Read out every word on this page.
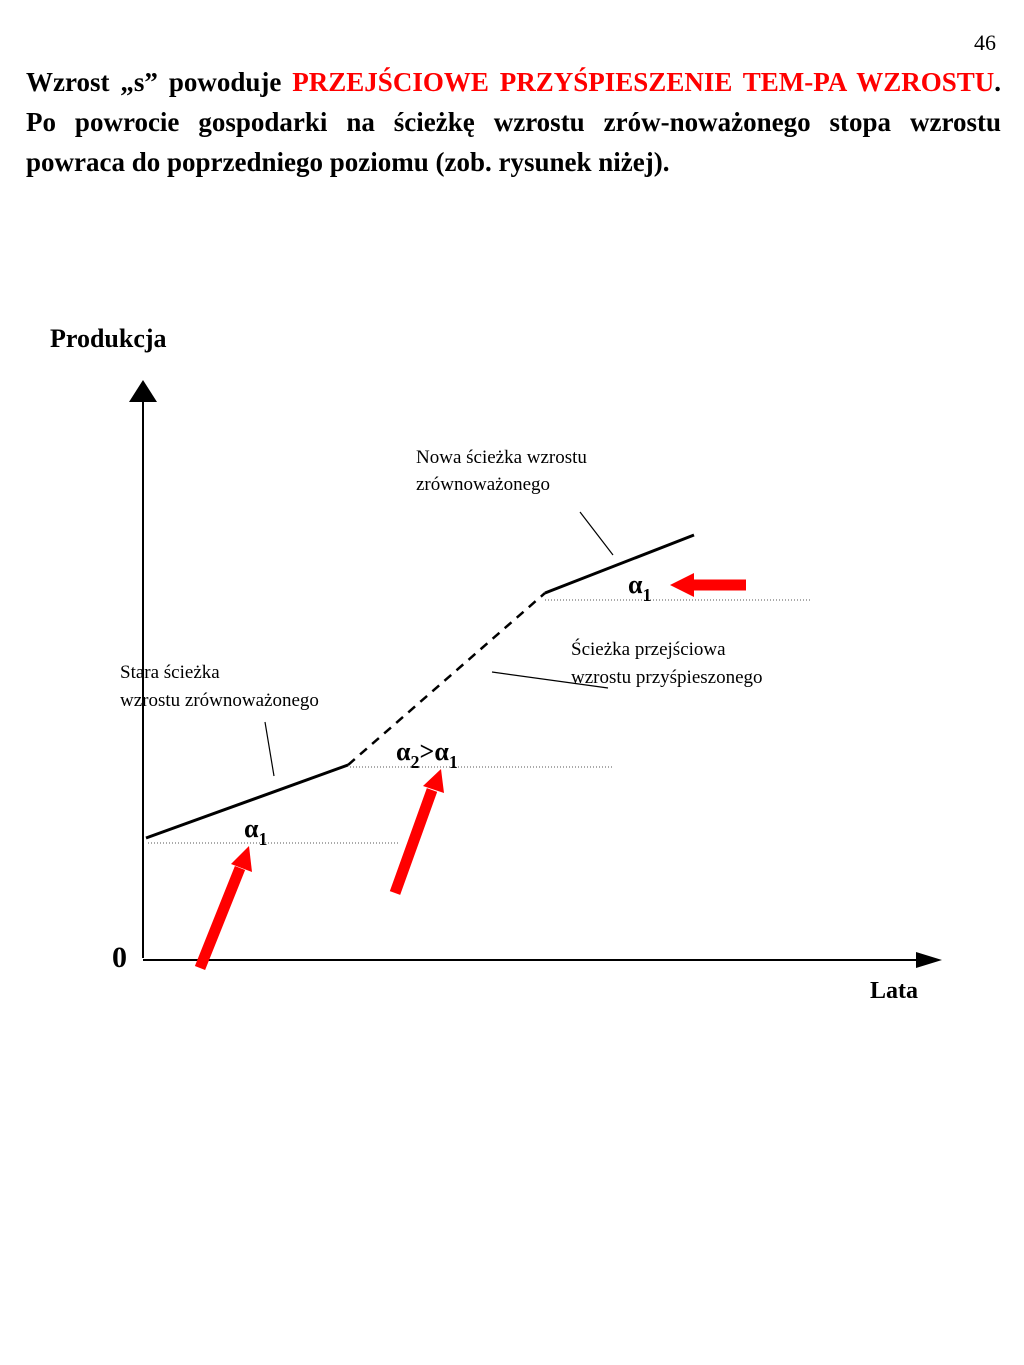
46

Wzrost „s” powoduje PRZEJŚCIOWE PRZYŚPIESZENIE TEM-PA WZROSTU. Po powrocie gospodarki na ścieżkę wzrostu zrów-noważonego stopa wzrostu powraca do poprzedniego poziomu (zob. rysunek niżej).

Produkcja
Lata
0
Nowa ścieżka wzrostu
zrównoważonego
Ścieżka przejściowa
wzrostu przyśpieszonego
Stara ścieżka
wzrostu zrównoważonego
$\alpha_1$
$\alpha_2>\alpha_1$
$\alpha_1$
